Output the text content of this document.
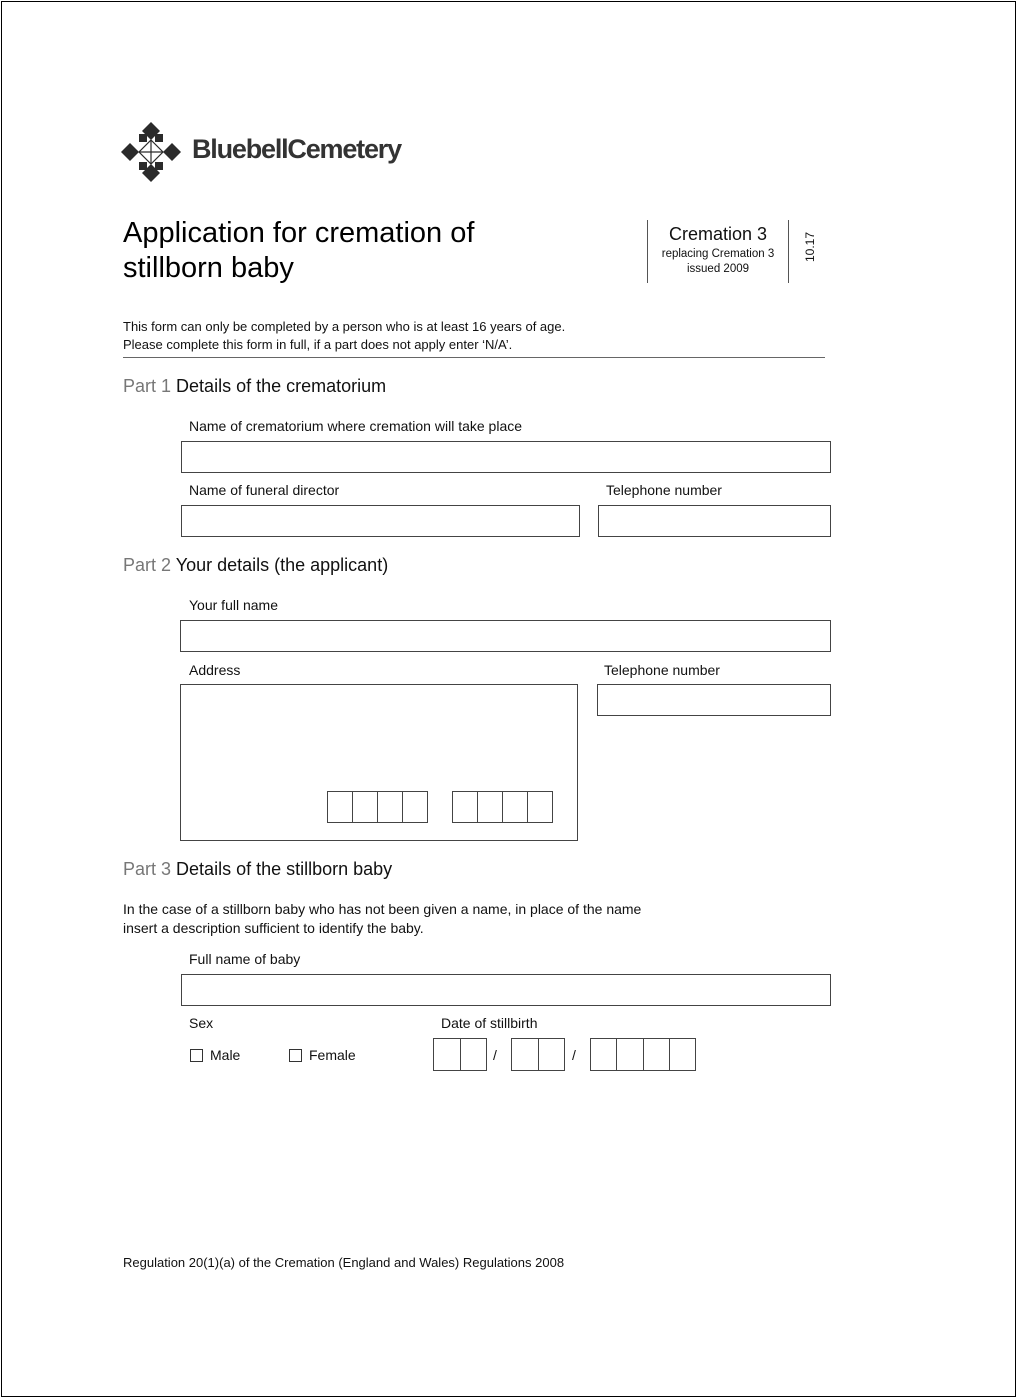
BluebellCemetery
Application for cremation of
stillborn baby
Cremation 3
replacing Cremation 3
issued 2009
10.17
This form can only be completed by a person who is at least 16 years of age.
Please complete this form in full, if a part does not apply enter ‘N/A’.
Part 1 Details of the crematorium
Name of crematorium where cremation will take place
Name of funeral director	Telephone number
Part 2 Your details (the applicant)
Your full name
Address	Telephone number
Part 3 Details of the stillborn baby
In the case of a stillborn baby who has not been given a name, in place of the name
insert a description sufficient to identify the baby.
Full name of baby
Sex
Male	Female
Date of stillbirth
/	/
Regulation 20(1)(a) of the Cremation (England and Wales) Regulations 2008
